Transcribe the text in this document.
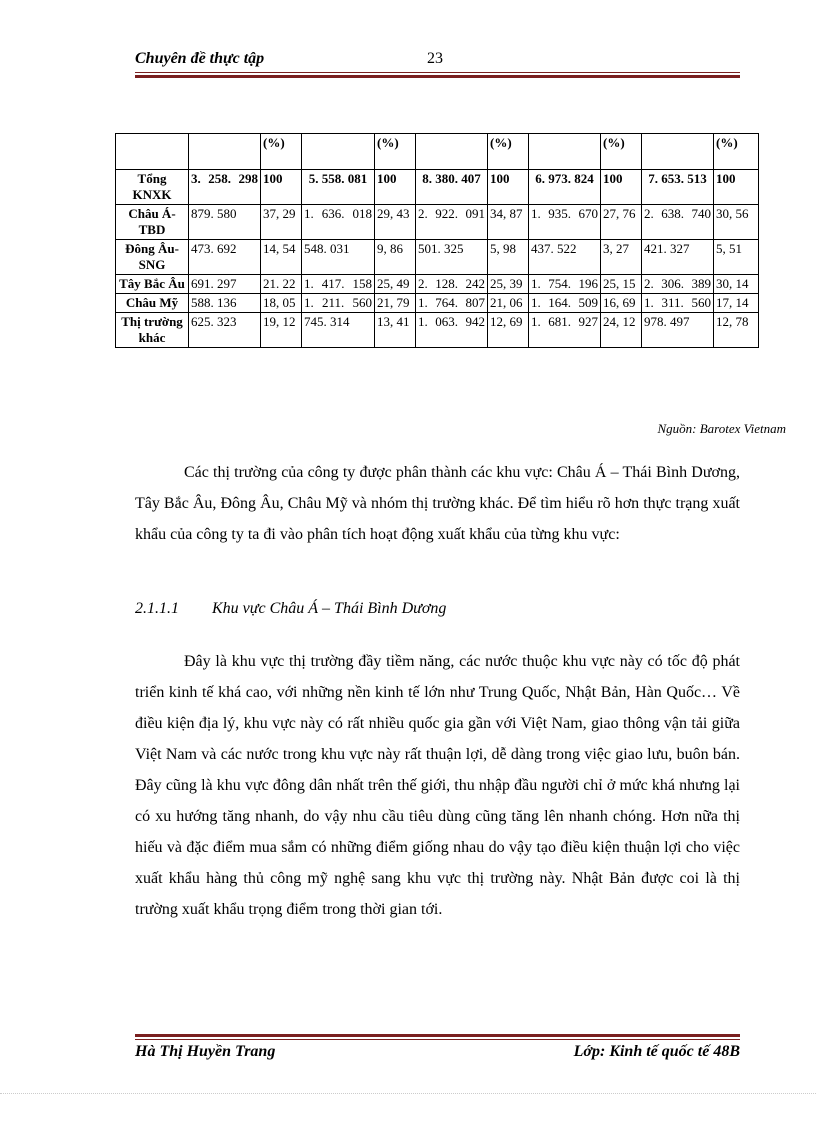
Chuyên đề thực tập	23
		(%)		(%)		(%)		(%)		(%)
Tổng KNXK	3. 258. 298	100	5. 558. 081	100	8. 380. 407	100	6. 973. 824	100	7. 653. 513	100
Châu Á-TBD	879. 580	37, 29	1. 636. 018	29, 43	2. 922. 091	34, 87	1. 935. 670	27, 76	2. 638. 740	30, 56
Đông Âu-SNG	473. 692	14, 54	548. 031	9, 86	501. 325	5, 98	437. 522	3, 27	421. 327	5, 51
Tây Bắc Âu	691. 297	21. 22	1. 417. 158	25, 49	2. 128. 242	25, 39	1. 754. 196	25, 15	2. 306. 389	30, 14
Châu Mỹ	588. 136	18, 05	1. 211. 560	21, 79	1. 764. 807	21, 06	1. 164. 509	16, 69	1. 311. 560	17, 14
Thị trường khác	625. 323	19, 12	745. 314	13, 41	1. 063. 942	12, 69	1. 681. 927	24, 12	978. 497	12, 78
Nguồn: Barotex Vietnam

Các thị trường của công ty được phân thành các khu vực: Châu Á – Thái Bình Dương, Tây Bắc Âu, Đông Âu, Châu Mỹ và nhóm thị trường khác. Để tìm hiểu rõ hơn thực trạng xuất khẩu của công ty ta đi vào phân tích hoạt động xuất khẩu của từng khu vực:

2.1.1.1 Khu vực Châu Á – Thái Bình Dương

Đây là khu vực thị trường đầy tiềm năng, các nước thuộc khu vực này có tốc độ phát triển kinh tế khá cao, với những nền kinh tế lớn như Trung Quốc, Nhật Bản, Hàn Quốc… Về điều kiện địa lý, khu vực này có rất nhiều quốc gia gần với Việt Nam, giao thông vận tải giữa Việt Nam và các nước trong khu vực này rất thuận lợi, dễ dàng trong việc giao lưu, buôn bán. Đây cũng là khu vực đông dân nhất trên thế giới, thu nhập đầu người chỉ ở mức khá nhưng lại có xu hướng tăng nhanh, do vậy nhu cầu tiêu dùng cũng tăng lên nhanh chóng. Hơn nữa thị hiếu và đặc điểm mua sắm có những điểm giống nhau do vậy tạo điều kiện thuận lợi cho việc xuất khẩu hàng thủ công mỹ nghệ sang khu vực thị trường này. Nhật Bản được coi là thị trường xuất khẩu trọng điểm trong thời gian tới.

Hà Thị Huyền Trang	Lớp: Kinh tế quốc tế 48B
